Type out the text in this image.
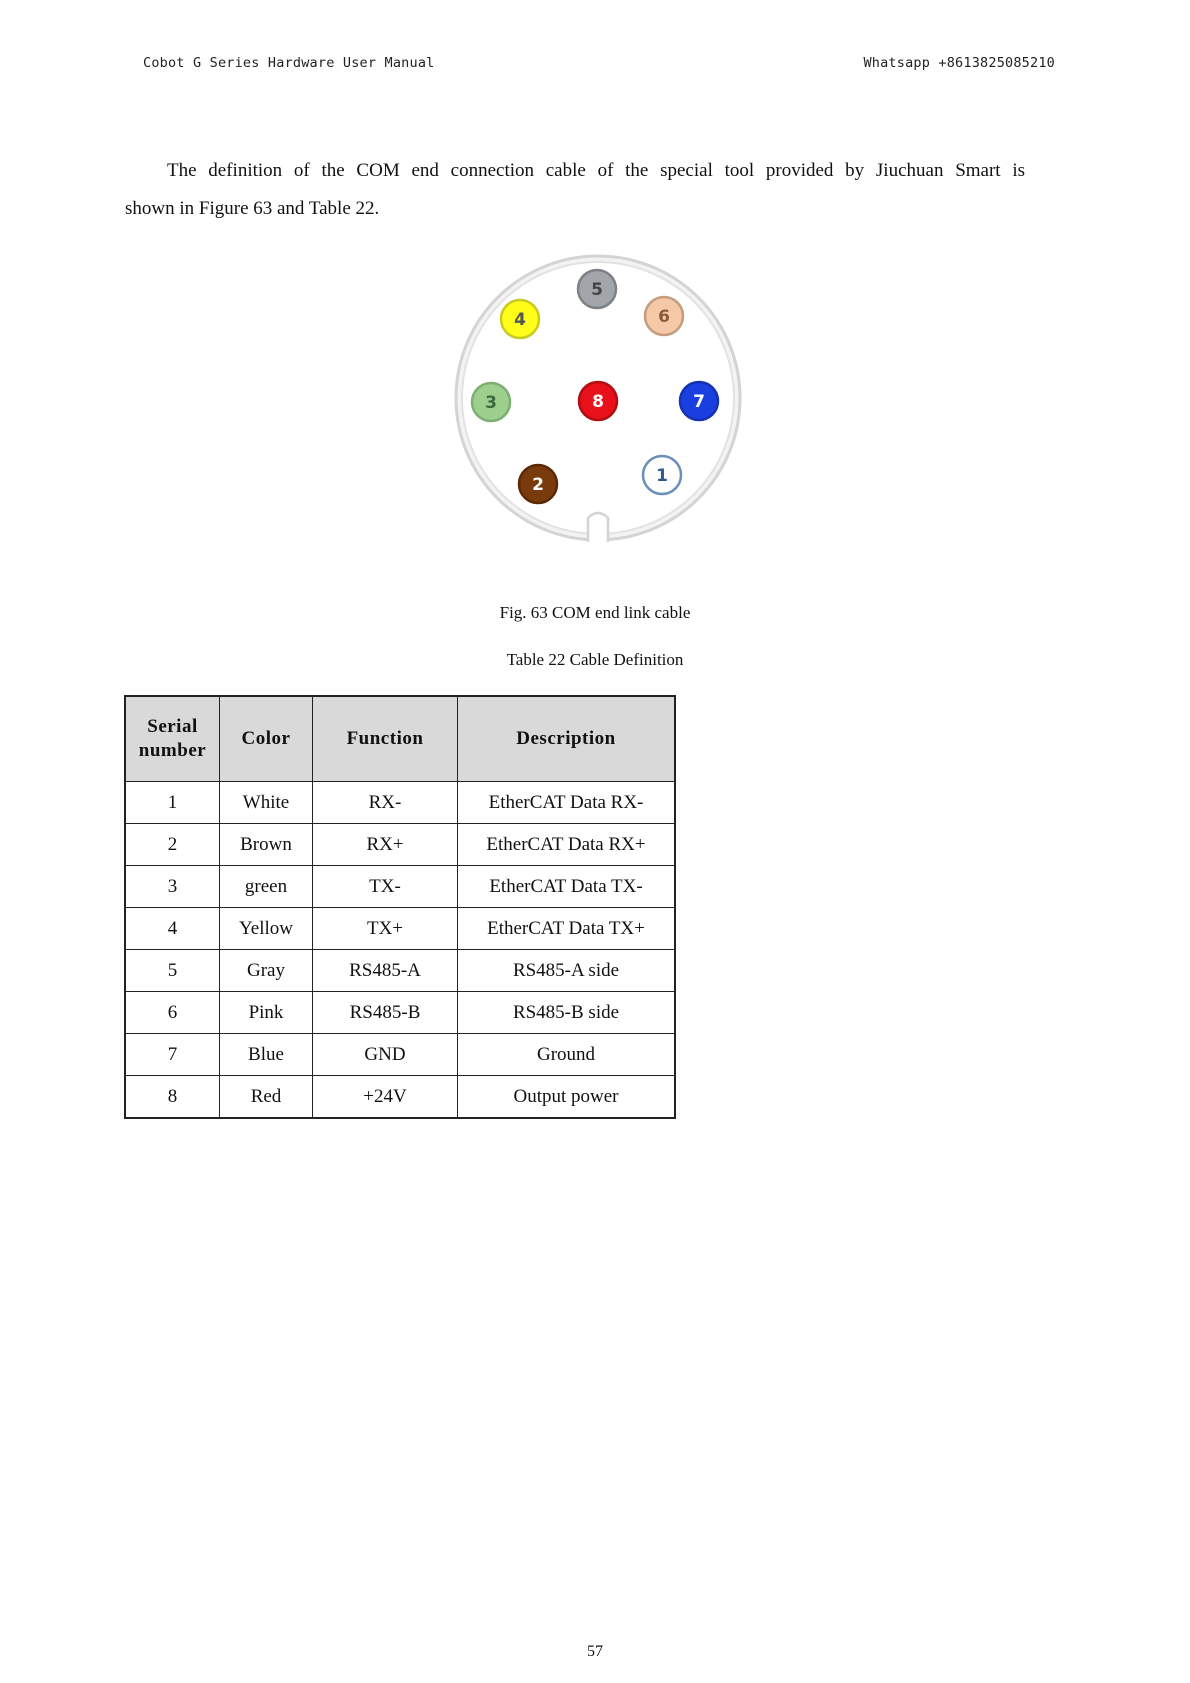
Cobot G Series Hardware User Manual	Whatsapp +8613825085210
The definition of the COM end connection cable of the special tool provided by Jiuchuan Smart is
shown in Figure 63 and Table 22.
1
2
3
4
5
6
7
8
Fig. 63 COM end link cable
Table 22 Cable Definition
Serial number	Color	Function	Description
1	White	RX-	EtherCAT Data RX-
2	Brown	RX+	EtherCAT Data RX+
3	green	TX-	EtherCAT Data TX-
4	Yellow	TX+	EtherCAT Data TX+
5	Gray	RS485-A	RS485-A side
6	Pink	RS485-B	RS485-B side
7	Blue	GND	Ground
8	Red	+24V	Output power
57
